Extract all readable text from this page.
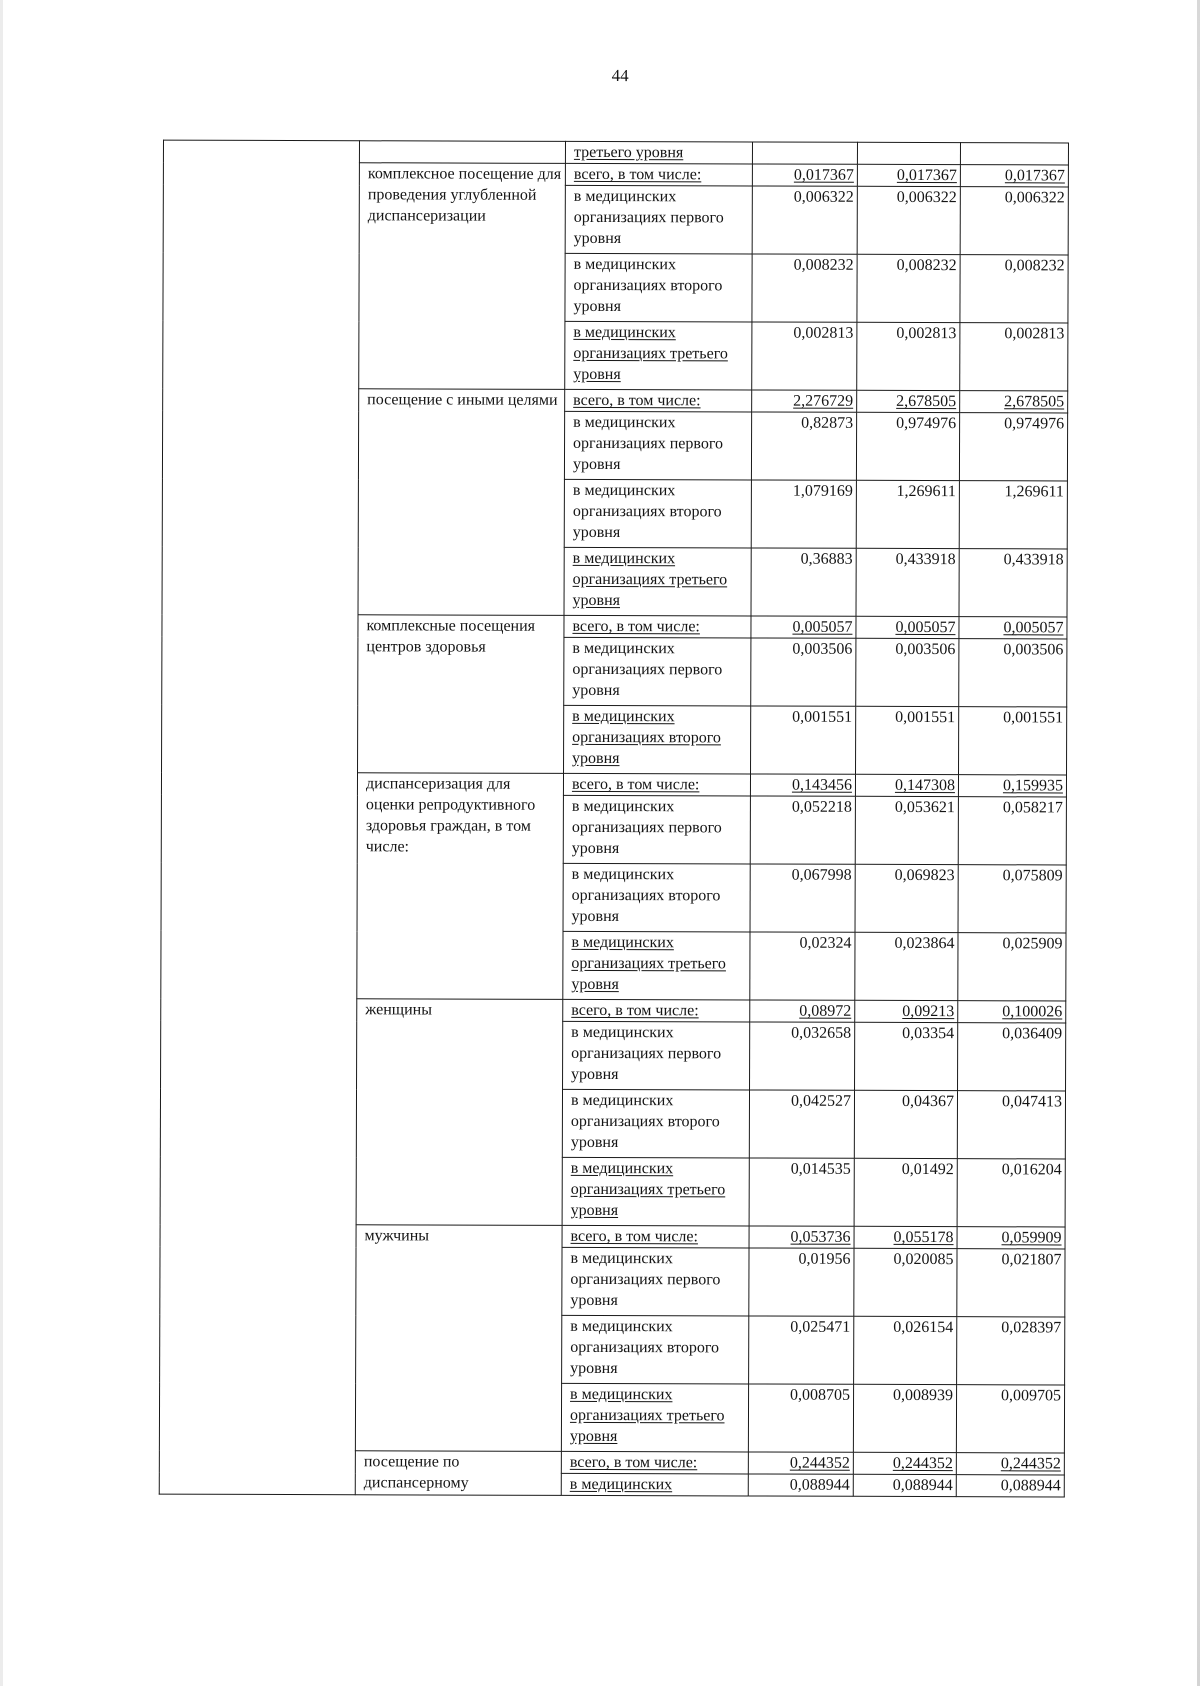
44
		третьего уровня			
	комплексное посещение для проведения углубленной диспансеризации	всего, в том числе:	0,017367	0,017367	0,017367
		в медицинских организациях первого уровня	0,006322	0,006322	0,006322
		в медицинских организациях второго уровня	0,008232	0,008232	0,008232
		в медицинских организациях третьего уровня	0,002813	0,002813	0,002813
	посещение с иными целями	всего, в том числе:	2,276729	2,678505	2,678505
		в медицинских организациях первого уровня	0,82873	0,974976	0,974976
		в медицинских организациях второго уровня	1,079169	1,269611	1,269611
		в медицинских организациях третьего уровня	0,36883	0,433918	0,433918
	комплексные посещения центров здоровья	всего, в том числе:	0,005057	0,005057	0,005057
		в медицинских организациях первого уровня	0,003506	0,003506	0,003506
		в медицинских организациях второго уровня	0,001551	0,001551	0,001551
	диспансеризация для оценки репродуктивного здоровья граждан, в том числе:	всего, в том числе:	0,143456	0,147308	0,159935
		в медицинских организациях первого уровня	0,052218	0,053621	0,058217
		в медицинских организациях второго уровня	0,067998	0,069823	0,075809
		в медицинских организациях третьего уровня	0,02324	0,023864	0,025909
	женщины	всего, в том числе:	0,08972	0,09213	0,100026
		в медицинских организациях первого уровня	0,032658	0,03354	0,036409
		в медицинских организациях второго уровня	0,042527	0,04367	0,047413
		в медицинских организациях третьего уровня	0,014535	0,01492	0,016204
	мужчины	всего, в том числе:	0,053736	0,055178	0,059909
		в медицинских организациях первого уровня	0,01956	0,020085	0,021807
		в медицинских организациях второго уровня	0,025471	0,026154	0,028397
		в медицинских организациях третьего уровня	0,008705	0,008939	0,009705
	посещение по диспансерному	всего, в том числе:	0,244352	0,244352	0,244352
		в медицинских	0,088944	0,088944	0,088944
